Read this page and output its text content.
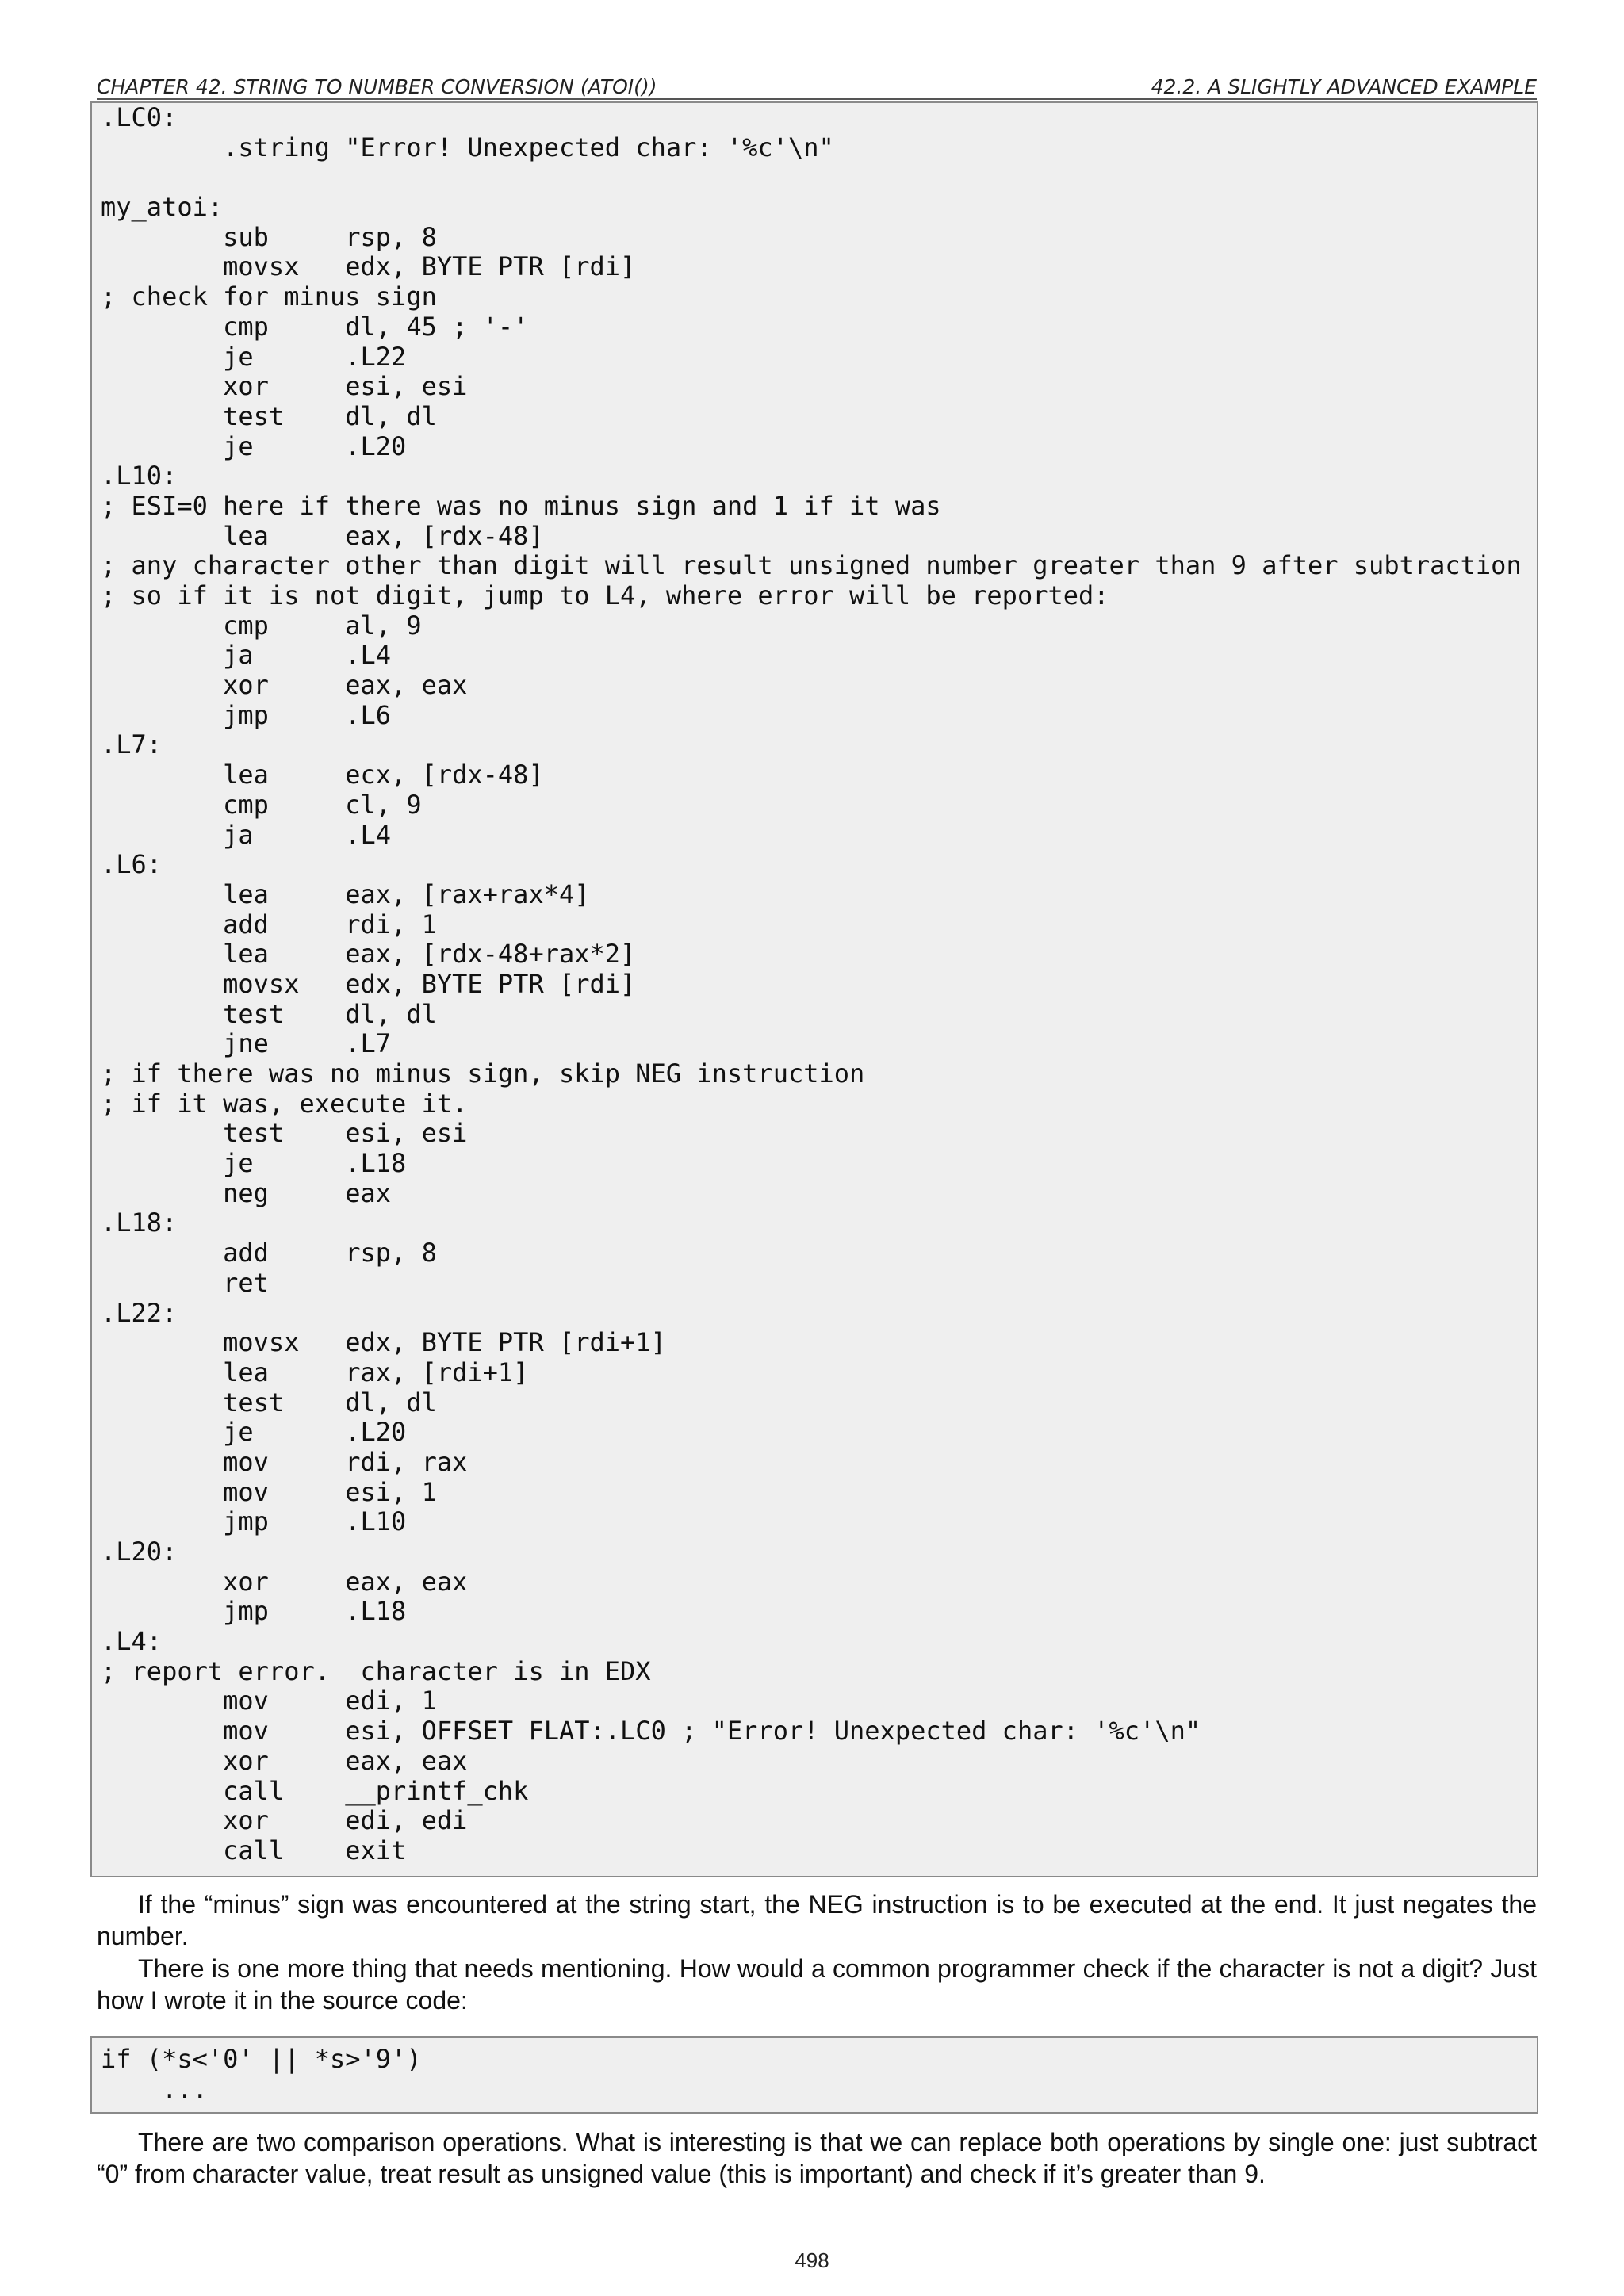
CHAPTER 42. STRING TO NUMBER CONVERSION (ATOI())	42.2. A SLIGHTLY ADVANCED EXAMPLE
.LC0:
.string "Error! Unexpected char: '%c'\n"
my_atoi:
sub     rsp, 8
movsx   edx, BYTE PTR [rdi]
; check for minus sign
cmp     dl, 45 ; '-'
je      .L22
xor     esi, esi
test    dl, dl
je      .L20
.L10:
; ESI=0 here if there was no minus sign and 1 if it was
lea     eax, [rdx-48]
; any character other than digit will result unsigned number greater than 9 after subtraction
; so if it is not digit, jump to L4, where error will be reported:
cmp     al, 9
ja      .L4
xor     eax, eax
jmp     .L6
.L7:
lea     ecx, [rdx-48]
cmp     cl, 9
ja      .L4
.L6:
lea     eax, [rax+rax*4]
add     rdi, 1
lea     eax, [rdx-48+rax*2]
movsx   edx, BYTE PTR [rdi]
test    dl, dl
jne     .L7
; if there was no minus sign, skip NEG instruction
; if it was, execute it.
test    esi, esi
je      .L18
neg     eax
.L18:
add     rsp, 8
ret
.L22:
movsx   edx, BYTE PTR [rdi+1]
lea     rax, [rdi+1]
test    dl, dl
je      .L20
mov     rdi, rax
mov     esi, 1
jmp     .L10
.L20:
xor     eax, eax
jmp     .L18
.L4:
; report error.  character is in EDX
mov     edi, 1
mov     esi, OFFSET FLAT:.LC0 ; "Error! Unexpected char: '%c'\n"
xor     eax, eax
call    __printf_chk
xor     edi, edi
call    exit
If the “minus” sign was encountered at the string start, the NEG instruction is to be executed at the end. It just negates the number.
There is one more thing that needs mentioning. How would a common programmer check if the character is not a digit? Just how I wrote it in the source code:
if (*s<'0' || *s>'9')
...
There are two comparison operations. What is interesting is that we can replace both operations by single one: just subtract “0” from character value, treat result as unsigned value (this is important) and check if it’s greater than 9.
498
